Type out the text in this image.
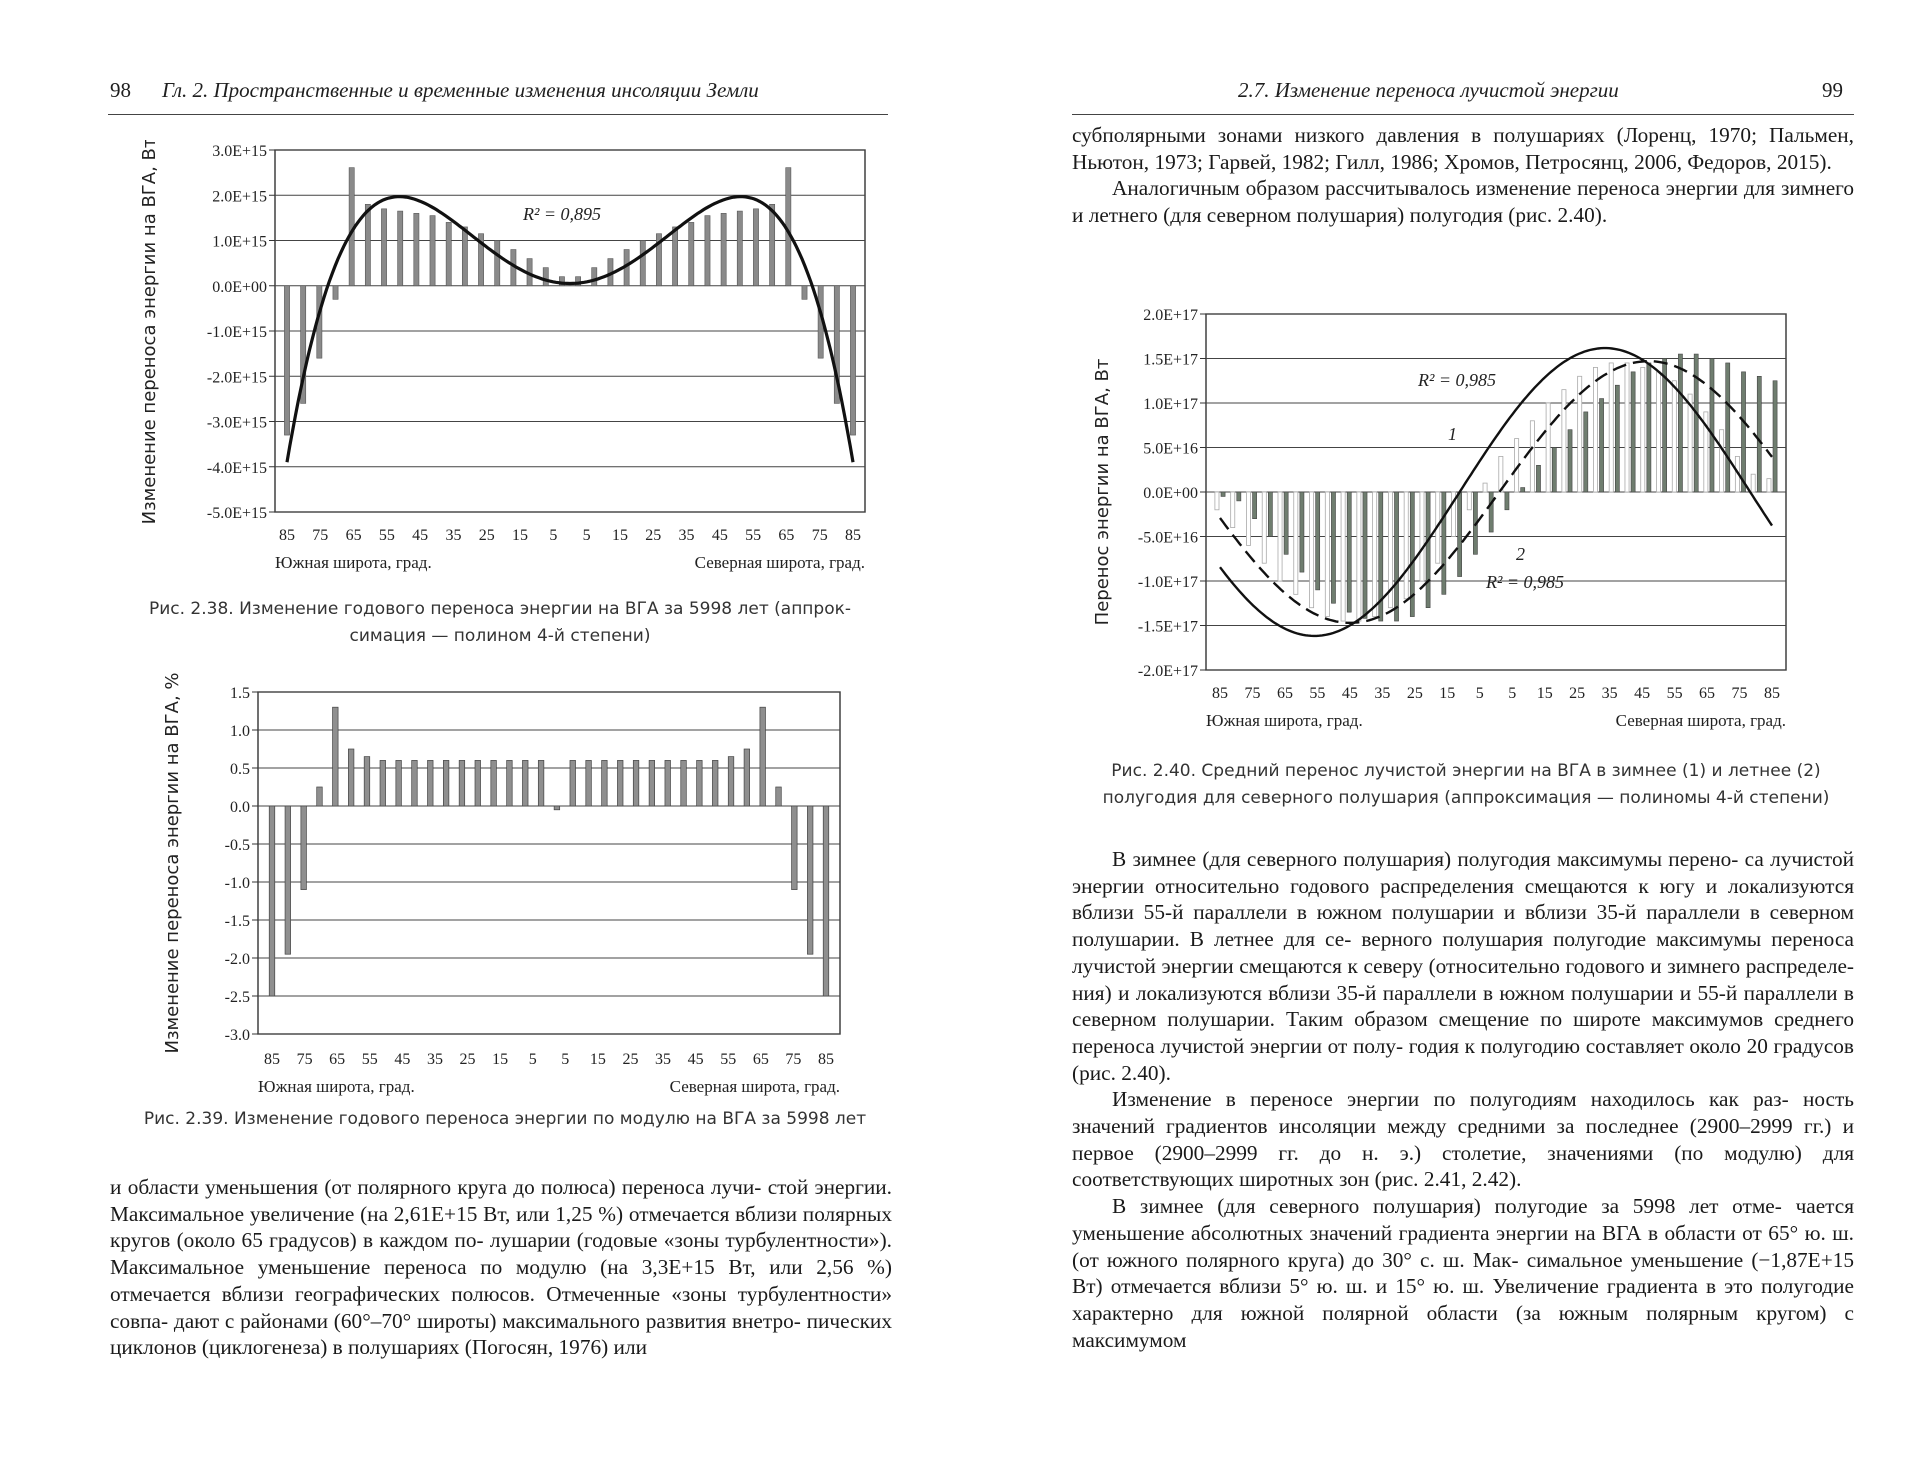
98 Гл. 2. Пространственные и временные изменения инсоляции Земли
3.0E+15
2.0E+15
1.0E+15
0.0E+00
-1.0E+15
-2.0E+15
-3.0E+15
-4.0E+15
-5.0E+15
Изменение переноса энергии на ВГА, Вт
85 75 65 55 45 35 25 15 5 5 15 25 35 45 55 65 75 85
Южная широта, град.	Северная широта, град.
R² = 0,895
Рис. 2.38. Изменение годового переноса энергии на ВГА за 5998 лет (аппрок-
симация — полином 4-й степени)
1.5
1.0
0.5
0.0
-0.5
-1.0
-1.5
-2.0
-2.5
-3.0
Изменение переноса энергии на ВГА, %
85 75 65 55 45 35 25 15 5 5 15 25 35 45 55 65 75 85
Южная широта, град.	Северная широта, град.
Рис. 2.39. Изменение годового переноса энергии по модулю на ВГА за 5998 лет

и области уменьшения (от полярного круга до полюса) переноса лучи- стой энергии. Максимальное увеличение (на 2,61Е+15 Вт, или 1,25 %) отмечается вблизи полярных кругов (около 65 градусов) в каждом по- лушарии (годовые «зоны турбулентности»). Максимальное уменьшение переноса по модулю (на 3,3Е+15 Вт, или 2,56 %) отмечается вблизи географических полюсов. Отмеченные «зоны турбулентности» совпа- дают с районами (60°–70° широты) максимального развития внетро- пических циклонов (циклогенеза) в полушариях (Погосян, 1976) или

2.7. Изменение переноса лучистой энергии	99

субполярными зонами низкого давления в полушариях (Лоренц, 1970; Пальмен, Ньютон, 1973; Гарвей, 1982; Гилл, 1986; Хромов, Петросянц, 2006, Федоров, 2015).

Аналогичным образом рассчитывалось изменение переноса энергии для зимнего и летнего (для северном полушария) полугодия (рис. 2.40).

2.0E+17
1.5E+17
1.0E+17
5.0E+16
0.0E+00
-5.0E+16
-1.0E+17
-1.5E+17
-2.0E+17
Перенос энергии на ВГА, Вт
85 75 65 55 45 35 25 15 5 5 15 25 35 45 55 65 75 85
Южная широта, град.	Северная широта, град.
R² = 0,985
1
2
R² = 0,985
Рис. 2.40. Средний перенос лучистой энергии на ВГА в зимнее (1) и летнее (2)
полугодия для северного полушария (аппроксимация — полиномы 4-й степени)

В зимнее (для северного полушария) полугодия максимумы перено- са лучистой энергии относительно годового распределения смещаются к югу и локализуются вблизи 55-й параллели в южном полушарии и вблизи 35-й параллели в северном полушарии. В летнее для се- верного полушария полугодие максимумы переноса лучистой энергии смещаются к северу (относительно годового и зимнего распределе- ния) и локализуются вблизи 35-й параллели в южном полушарии и 55-й параллели в северном полушарии. Таким образом смещение по широте максимумов среднего переноса лучистой энергии от полу- годия к полугодию составляет около 20 градусов (рис. 2.40).

Изменение в переносе энергии по полугодиям находилось как раз- ность значений градиентов инсоляции между средними за последнее (2900–2999 гг.) и первое (2900–2999 гг. до н. э.) столетие, значениями (по модулю) для соответствующих широтных зон (рис. 2.41, 2.42).

В зимнее (для северного полушария) полугодие за 5998 лет отме- чается уменьшение абсолютных значений градиента энергии на ВГА в области от 65° ю. ш. (от южного полярного круга) до 30° с. ш. Мак- симальное уменьшение (−1,87Е+15 Вт) отмечается вблизи 5° ю. ш. и 15° ю. ш. Увеличение градиента в это полугодие характерно для южной полярной области (за южным полярным кругом) с максимумом
